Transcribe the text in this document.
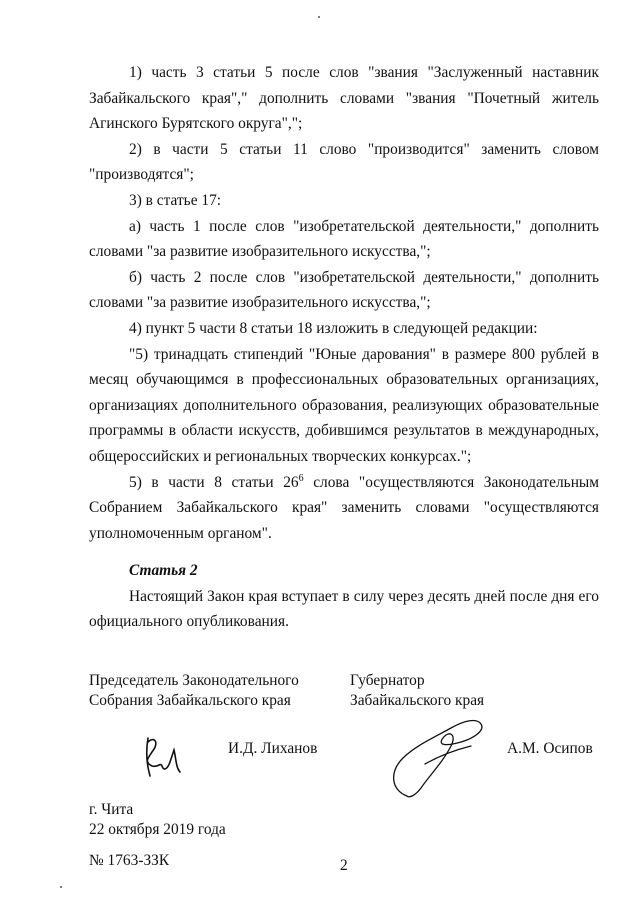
1) часть 3 статьи 5 после слов "звания "Заслуженный наставник Забайкальского края"," дополнить словами "звания "Почетный житель Агинского Бурятского округа",";

2) в части 5 статьи 11 слово "производится" заменить словом "производятся";

3) в статье 17:

а) часть 1 после слов "изобретательской деятельности," дополнить словами "за развитие изобразительного искусства,";

б) часть 2 после слов "изобретательской деятельности," дополнить словами "за развитие изобразительного искусства,";

4) пункт 5 части 8 статьи 18 изложить в следующей редакции:

"5) тринадцать стипендий "Юные дарования" в размере 800 рублей в месяц обучающимся в профессиональных образовательных организациях, организациях дополнительного образования, реализующих образовательные программы в области искусств, добившимся результатов в международных, общероссийских и региональных творческих конкурсах.";

5) в части 8 статьи $26^6$ слова "осуществляются Законодательным Собранием Забайкальского края" заменить словами "осуществляются уполномоченным органом".

Статья 2

Настоящий Закон края вступает в силу через десять дней после дня его официального опубликования.

Председатель Законодательного
Собрания Забайкальского края
Губернатор
Забайкальского края
И.Д. Лиханов	А.М. Осипов
г. Чита
22 октября 2019 года
№ 1763-ЗЗК	2
